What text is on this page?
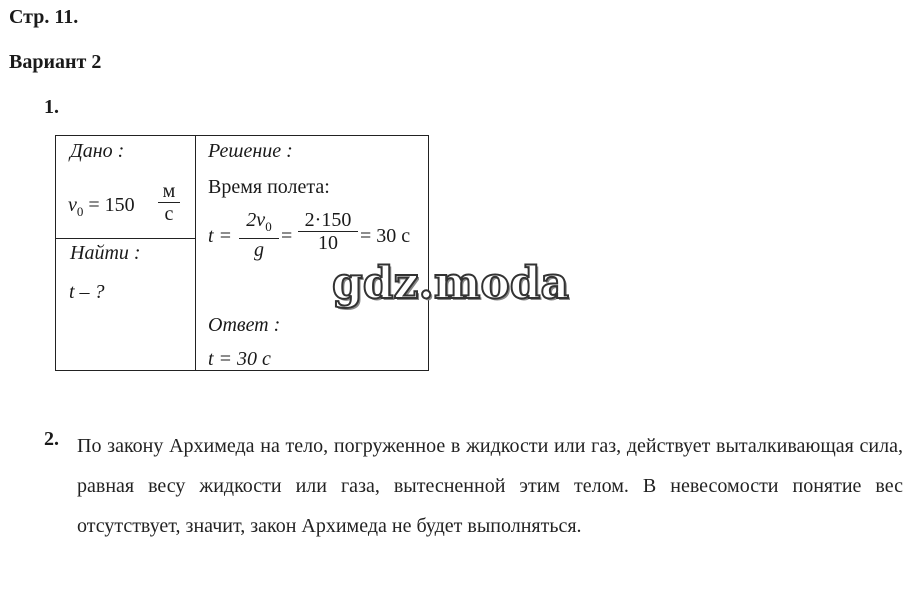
Стр. 11.
Вариант 2
1.
Дано :
$v_0 = 150$
м
с
Найти :
t – ?
Решение :
Время полета:
t =
$2v_0$
g
=
2·150
10 = 30 с
Ответ :
t = 30 с
gdz.moda
2. По закону Архимеда на тело, погруженное в жидкости или газ, действует выталкивающая сила, равная весу жидкости или газа, вытесненной этим телом. В невесомости понятие вес отсутствует, значит, закон Архимеда не будет выполняться.
